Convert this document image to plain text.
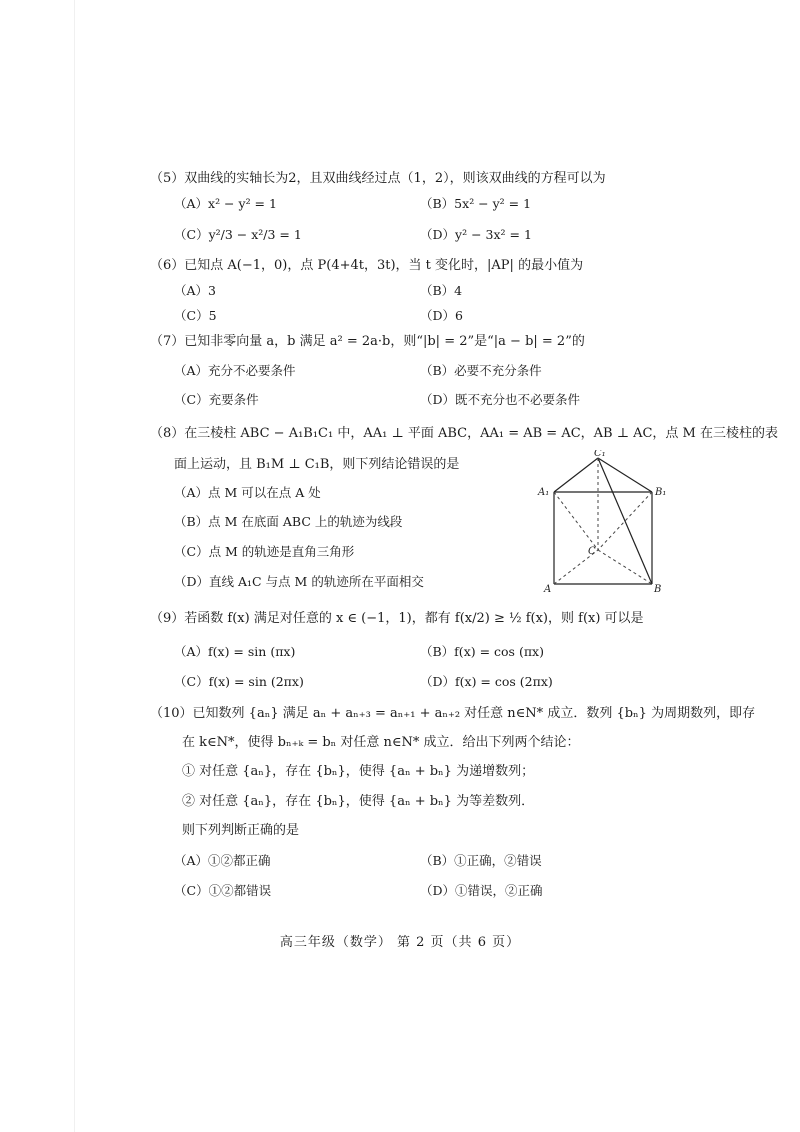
（5）双曲线的实轴长为2，且双曲线经过点（1，2），则该双曲线的方程可以为
（A）x² − y² = 1	（B）5x² − y² = 1
（C）y²/3 − x²/3 = 1	（D）y² − 3x² = 1
（6）已知点 A(−1，0)，点 P(4+4t，3t)，当 t 变化时，|AP| 的最小值为
（A）3	（B）4
（C）5	（D）6
（7）已知非零向量 a，b 满足 a² = 2a·b，则“|b| = 2”是“|a − b| = 2”的
（A）充分不必要条件	（B）必要不充分条件
（C）充要条件	（D）既不充分也不必要条件
（8）在三棱柱 ABC − A₁B₁C₁ 中，AA₁ ⊥ 平面 ABC，AA₁ = AB = AC，AB ⊥ AC，点 M 在三棱柱的表
面上运动，且 B₁M ⊥ C₁B，则下列结论错误的是
（A）点 M 可以在点 A 处
（B）点 M 在底面 ABC 上的轨迹为线段
（C）点 M 的轨迹是直角三角形
（D）直线 A₁C 与点 M 的轨迹所在平面相交
C₁
A₁	B₁
C
A	B
（9）若函数 f(x) 满足对任意的 x ∈ (−1，1)，都有 f(x/2) ≥ ½ f(x)，则 f(x) 可以是
（A）f(x) = sin (πx)	（B）f(x) = cos (πx)
（C）f(x) = sin (2πx)	（D）f(x) = cos (2πx)
（10）已知数列 {aₙ} 满足 aₙ + aₙ₊₃ = aₙ₊₁ + aₙ₊₂ 对任意 n∈N* 成立．数列 {bₙ} 为周期数列，即存
在 k∈N*，使得 bₙ₊ₖ = bₙ 对任意 n∈N* 成立．给出下列两个结论：
① 对任意 {aₙ}，存在 {bₙ}，使得 {aₙ + bₙ} 为递增数列；
② 对任意 {aₙ}，存在 {bₙ}，使得 {aₙ + bₙ} 为等差数列．
则下列判断正确的是
（A）①②都正确	（B）①正确，②错误
（C）①②都错误	（D）①错误，②正确
高三年级（数学） 第 2 页（共 6 页）
